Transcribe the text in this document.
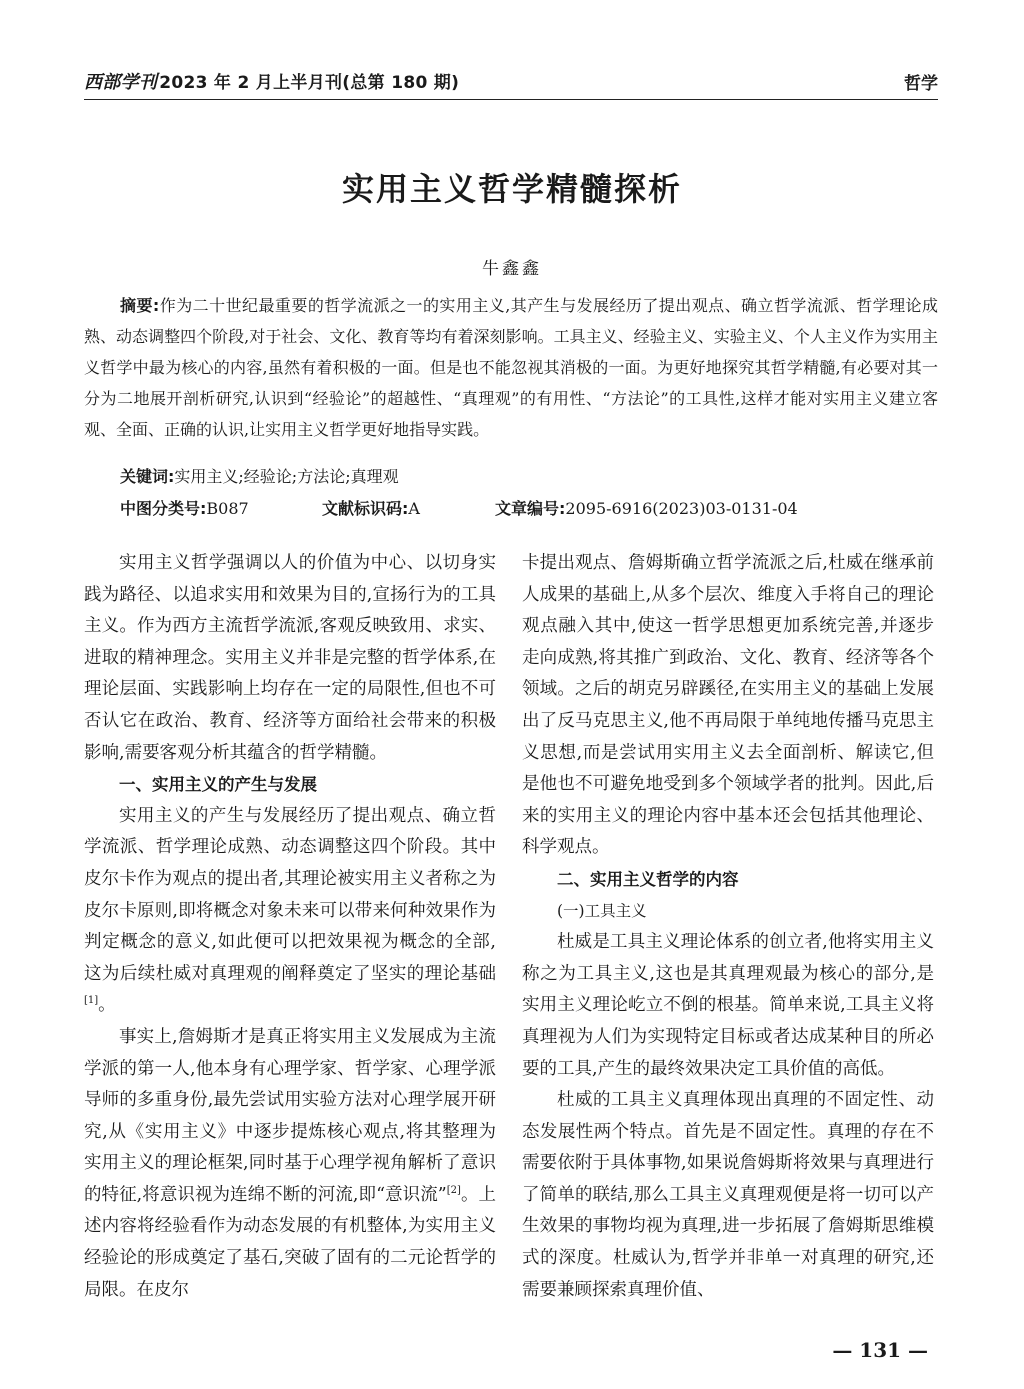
西部学刊 2023 年 2 月上半月刊(总第 180 期)	哲学
实用主义哲学精髓探析
牛鑫鑫
摘要:作为二十世纪最重要的哲学流派之一的实用主义,其产生与发展经历了提出观点、确立哲学流派、哲学理论成熟、动态调整四个阶段,对于社会、文化、教育等均有着深刻影响。工具主义、经验主义、实验主义、个人主义作为实用主义哲学中最为核心的内容,虽然有着积极的一面。但是也不能忽视其消极的一面。为更好地探究其哲学精髓,有必要对其一分为二地展开剖析研究,认识到“经验论”的超越性、“真理观”的有用性、“方法论”的工具性,这样才能对实用主义建立客观、全面、正确的认识,让实用主义哲学更好地指导实践。
关键词:实用主义;经验论;方法论;真理观
中图分类号:B087	文献标识码:A	文章编号:2095-6916(2023)03-0131-04

实用主义哲学强调以人的价值为中心、以切身实践为路径、以追求实用和效果为目的,宣扬行为的工具主义。作为西方主流哲学流派,客观反映致用、求实、进取的精神理念。实用主义并非是完整的哲学体系,在理论层面、实践影响上均存在一定的局限性,但也不可否认它在政治、教育、经济等方面给社会带来的积极影响,需要客观分析其蕴含的哲学精髓。

一、实用主义的产生与发展

实用主义的产生与发展经历了提出观点、确立哲学流派、哲学理论成熟、动态调整这四个阶段。其中皮尔卡作为观点的提出者,其理论被实用主义者称之为皮尔卡原则,即将概念对象未来可以带来何种效果作为判定概念的意义,如此便可以把效果视为概念的全部,这为后续杜威对真理观的阐释奠定了坚实的理论基础[1]。

事实上,詹姆斯才是真正将实用主义发展成为主流学派的第一人,他本身有心理学家、哲学家、心理学派导师的多重身份,最先尝试用实验方法对心理学展开研究,从《实用主义》中逐步提炼核心观点,将其整理为实用主义的理论框架,同时基于心理学视角解析了意识的特征,将意识视为连绵不断的河流,即“意识流”[2]。上述内容将经验看作为动态发展的有机整体,为实用主义经验论的形成奠定了基石,突破了固有的二元论哲学的局限。在皮尔

卡提出观点、詹姆斯确立哲学流派之后,杜威在继承前人成果的基础上,从多个层次、维度入手将自己的理论观点融入其中,使这一哲学思想更加系统完善,并逐步走向成熟,将其推广到政治、文化、教育、经济等各个领域。之后的胡克另辟蹊径,在实用主义的基础上发展出了反马克思主义,他不再局限于单纯地传播马克思主义思想,而是尝试用实用主义去全面剖析、解读它,但是他也不可避免地受到多个领域学者的批判。因此,后来的实用主义的理论内容中基本还会包括其他理论、科学观点。

二、实用主义哲学的内容

(一)工具主义

杜威是工具主义理论体系的创立者,他将实用主义称之为工具主义,这也是其真理观最为核心的部分,是实用主义理论屹立不倒的根基。简单来说,工具主义将真理视为人们为实现特定目标或者达成某种目的所必要的工具,产生的最终效果决定工具价值的高低。

杜威的工具主义真理体现出真理的不固定性、动态发展性两个特点。首先是不固定性。真理的存在不需要依附于具体事物,如果说詹姆斯将效果与真理进行了简单的联结,那么工具主义真理观便是将一切可以产生效果的事物均视为真理,进一步拓展了詹姆斯思维模式的深度。杜威认为,哲学并非单一对真理的研究,还需要兼顾探索真理价值、

— 131 —
